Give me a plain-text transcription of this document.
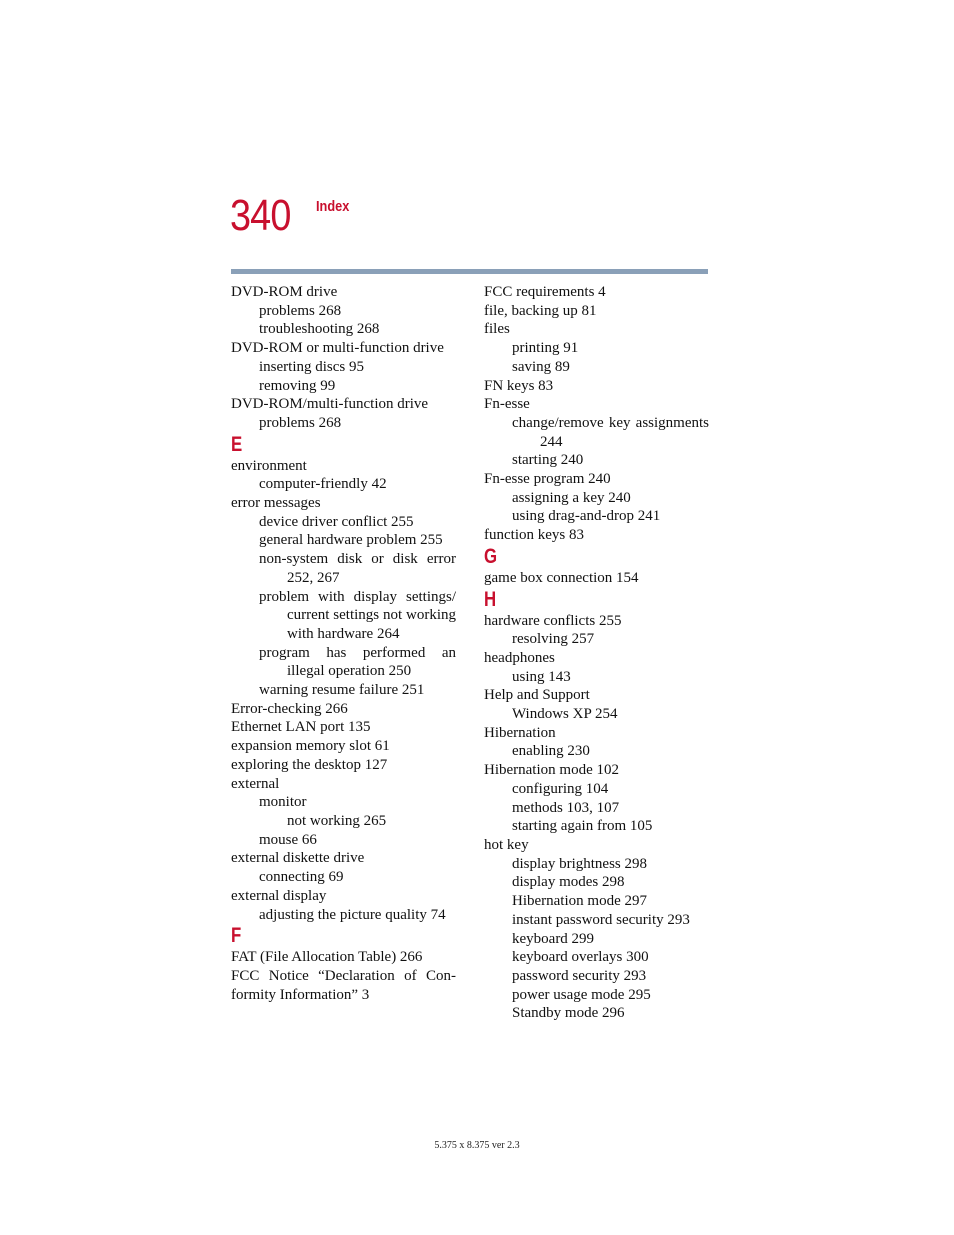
340 Index
DVD-ROM drive
problems 268
troubleshooting 268
DVD-ROM or multi-function drive
inserting discs 95
removing 99
DVD-ROM/multi-function drive
problems 268
E
environment
computer-friendly 42
error messages
device driver conflict 255
general hardware problem 255
non-system disk or disk error 252, 267
problem with display settings/ current settings not working with hardware 264
program has performed an illegal operation 250
warning resume failure 251
Error-checking 266
Ethernet LAN port 135
expansion memory slot 61
exploring the desktop 127
external
monitor
not working 265
mouse 66
external diskette drive
connecting 69
external display
adjusting the picture quality 74
F
FAT (File Allocation Table) 266
FCC Notice “Declaration of Con- formity Information” 3
FCC requirements 4
file, backing up 81
files
printing 91
saving 89
FN keys 83
Fn-esse
change/remove key assignments 244
starting 240
Fn-esse program 240
assigning a key 240
using drag-and-drop 241
function keys 83
G
game box connection 154
H
hardware conflicts 255
resolving 257
headphones
using 143
Help and Support
Windows XP 254
Hibernation
enabling 230
Hibernation mode 102
configuring 104
methods 103, 107
starting again from 105
hot key
display brightness 298
display modes 298
Hibernation mode 297
instant password security 293
keyboard 299
keyboard overlays 300
password security 293
power usage mode 295
Standby mode 296
5.375 x 8.375 ver 2.3
